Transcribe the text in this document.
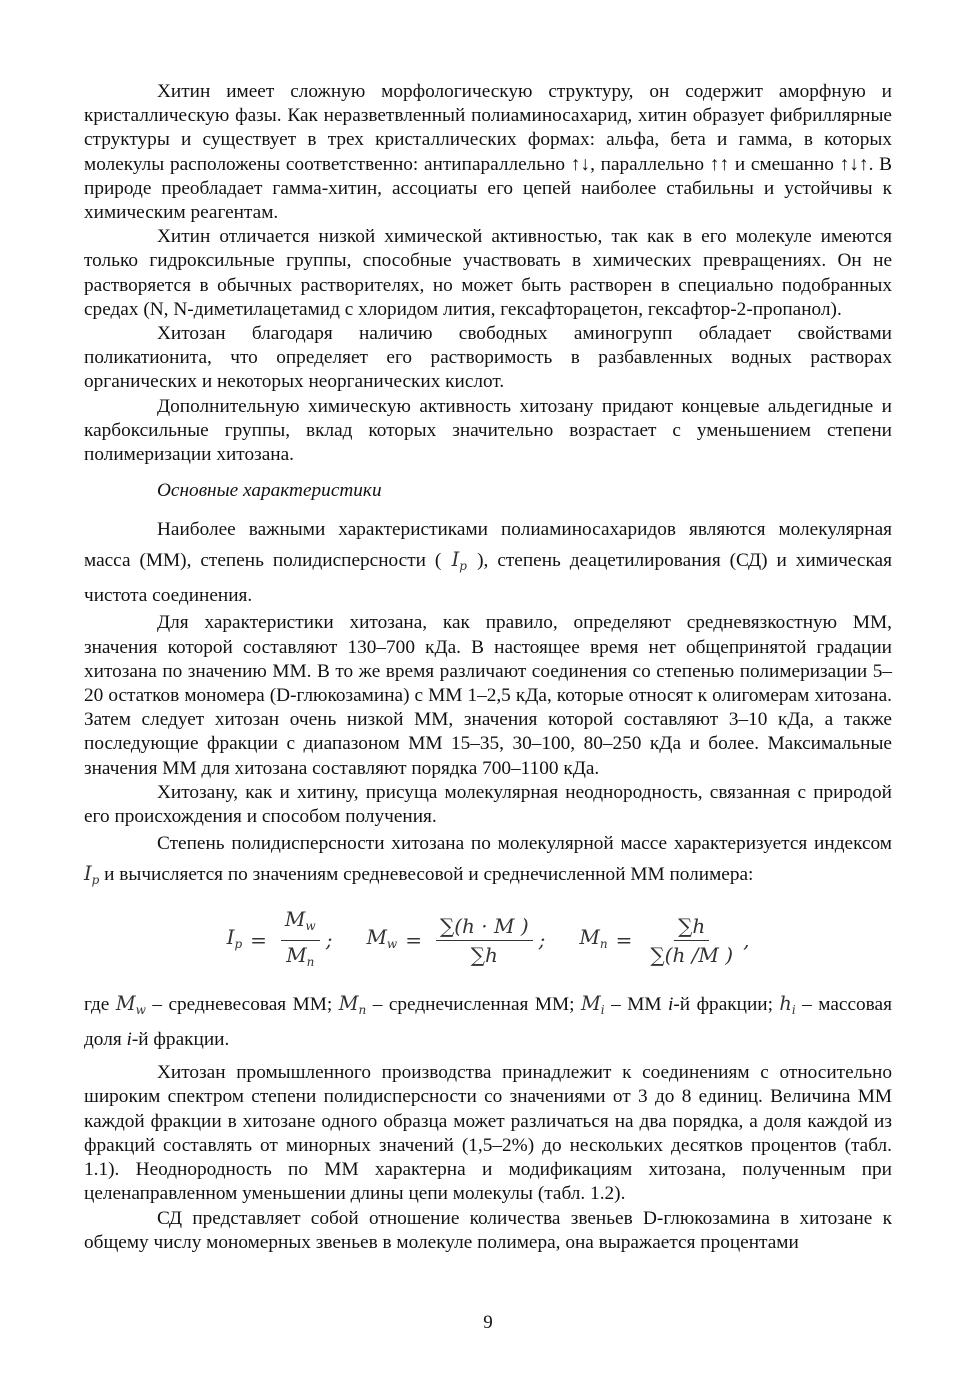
Хитин имеет сложную морфологическую структуру, он содержит аморфную и кристаллическую фазы. Как неразветвленный полиаминосахарид, хитин образует фибриллярные структуры и существует в трех кристаллических формах: альфа, бета и гамма, в которых молекулы расположены соответственно: антипараллельно ↑↓, параллельно ↑↑ и смешанно ↑↓↑. В природе преобладает гамма-хитин, ассоциаты его цепей наиболее стабильны и устойчивы к химическим реагентам.

Хитин отличается низкой химической активностью, так как в его молекуле имеются только гидроксильные группы, способные участвовать в химических превращениях. Он не растворяется в обычных растворителях, но может быть растворен в специально подобранных средах (N, N-диметилацетамид с хлоридом лития, гексафторацетон, гексафтор-2-пропанол).

Хитозан благодаря наличию свободных аминогрупп обладает свойствами поликатионита, что определяет его растворимость в разбавленных водных растворах органических и некоторых неорганических кислот.

Дополнительную химическую активность хитозану придают концевые альдегидные и карбоксильные группы, вклад которых значительно возрастает с уменьшением степени полимеризации хитозана.

Основные характеристики

Наиболее важными характеристиками полиаминосахаридов являются молекулярная масса (ММ), степень полидисперсности ( $I_p$ ), степень деацетилирования (СД) и химическая чистота соединения.

Для характеристики хитозана, как правило, определяют средневязкостную ММ, значения которой составляют 130–700 кДа. В настоящее время нет общепринятой градации хитозана по значению ММ. В то же время различают соединения со степенью полимеризации 5–20 остатков мономера (D-глюкозамина) с ММ 1–2,5 кДа, которые относят к олигомерам хитозана. Затем следует хитозан очень низкой ММ, значения которой составляют 3–10 кДа, а также последующие фракции с диапазоном ММ 15–35, 30–100, 80–250 кДа и более. Максимальные значения ММ для хитозана составляют порядка 700–1100 кДа.

Хитозану, как и хитину, присуща молекулярная неоднородность, связанная с природой его происхождения и способом получения.

Степень полидисперсности хитозана по молекулярной массе характеризуется индексом $I_p$ и вычисляется по значениям средневесовой и среднечисленной ММ полимера:

$I_p = \frac{M_w}{M_n}$ ; $M_w = \frac{\sum(h \cdot M )}{\sum h}$ ; $M_n = \frac{\sum h}{\sum(h /M )}$ ,

где $M_w$ – средневесовая ММ; $M_n$ – среднечисленная ММ; $M_i$ – ММ i-й фракции; $h_i$ – массовая доля i-й фракции.

Хитозан промышленного производства принадлежит к соединениям с относительно широким спектром степени полидисперсности со значениями от 3 до 8 единиц. Величина ММ каждой фракции в хитозане одного образца может различаться на два порядка, а доля каждой из фракций составлять от минорных значений (1,5–2%) до нескольких десятков процентов (табл. 1.1). Неоднородность по ММ характерна и модификациям хитозана, полученным при целенаправленном уменьшении длины цепи молекулы (табл. 1.2).

СД представляет собой отношение количества звеньев D-глюкозамина в хитозане к общему числу мономерных звеньев в молекуле полимера, она выражается процентами

9
